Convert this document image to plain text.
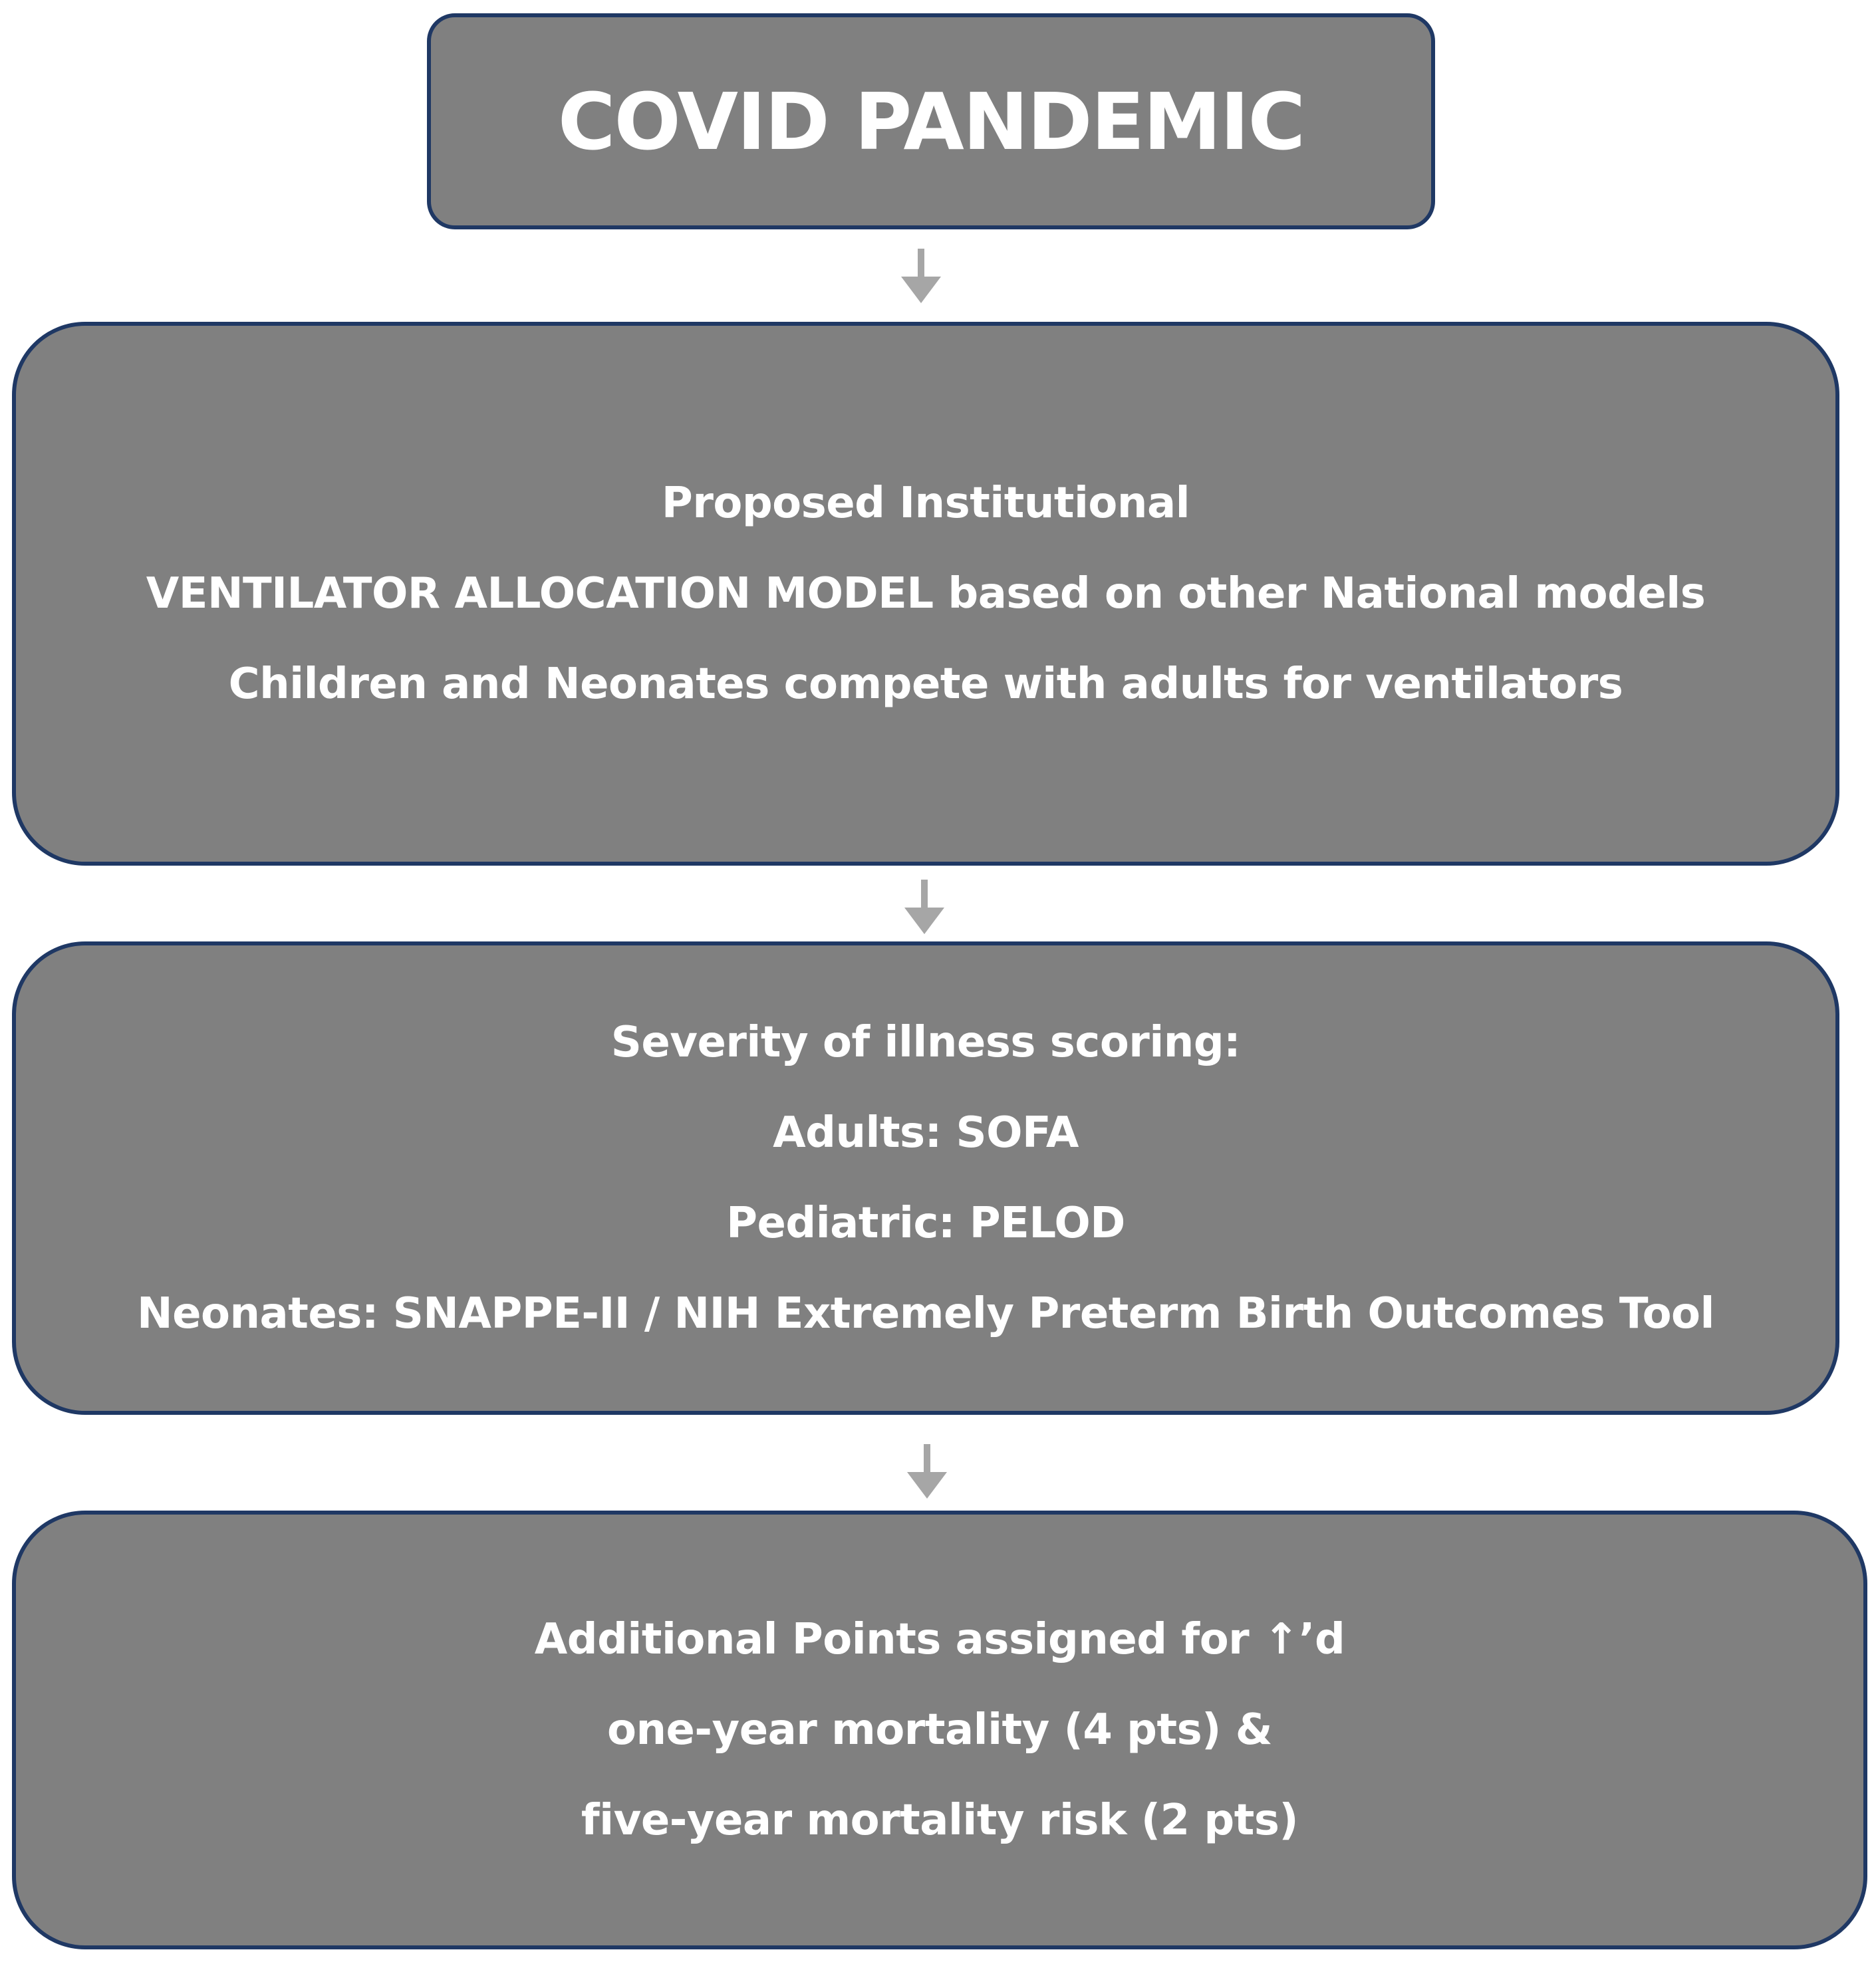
COVID PANDEMIC
Proposed Institutional
VENTILATOR ALLOCATION MODEL based on other National models
Children and Neonates compete with adults for ventilators
Severity of illness scoring:
Adults: SOFA
Pediatric: PELOD
Neonates: SNAPPE-II / NIH Extremely Preterm Birth Outcomes Tool
Additional Points assigned for ↑’d
one-year mortality (4 pts) &
five-year mortality risk (2 pts)
